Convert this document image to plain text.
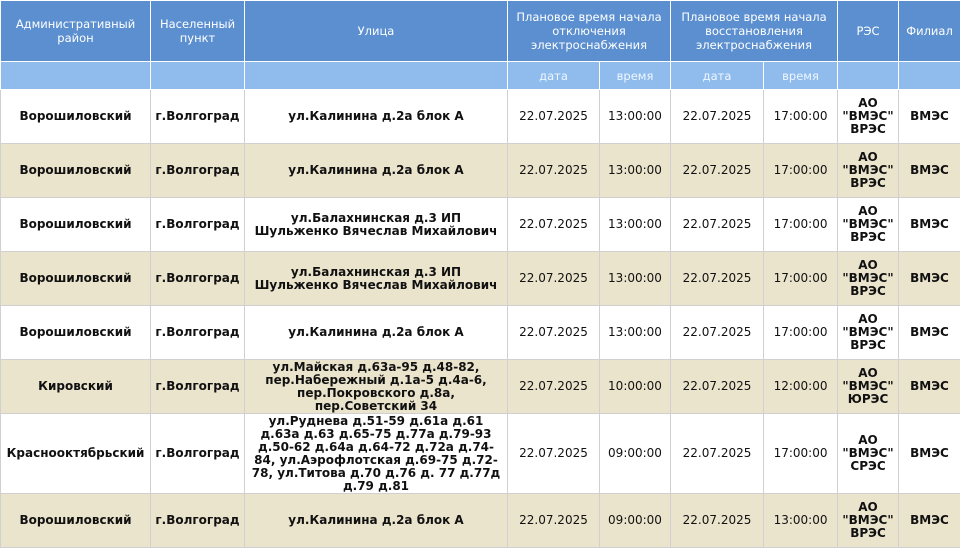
Административный район	Населенный пункт	Улица	Плановое время начала отключения электроснабжения		Плановое время начала восстановления электроснабжения		РЭС	Филиал
			дата	время	дата	время		
Ворошиловский	г.Волгоград	ул.Калинина д.2а блок А	22.07.2025	13:00:00	22.07.2025	17:00:00	АО "ВМЭС" ВРЭС	ВМЭС
Ворошиловский	г.Волгоград	ул.Калинина д.2а блок А	22.07.2025	13:00:00	22.07.2025	17:00:00	АО "ВМЭС" ВРЭС	ВМЭС
Ворошиловский	г.Волгоград	ул.Балахнинская д.3 ИП Шульженко Вячеслав Михайлович	22.07.2025	13:00:00	22.07.2025	17:00:00	АО "ВМЭС" ВРЭС	ВМЭС
Ворошиловский	г.Волгоград	ул.Балахнинская д.3 ИП Шульженко Вячеслав Михайлович	22.07.2025	13:00:00	22.07.2025	17:00:00	АО "ВМЭС" ВРЭС	ВМЭС
Ворошиловский	г.Волгоград	ул.Калинина д.2а блок А	22.07.2025	13:00:00	22.07.2025	17:00:00	АО "ВМЭС" ВРЭС	ВМЭС
Кировский	г.Волгоград	ул.Майская д.63а-95 д.48-82, пер.Набережный д.1а-5 д.4а-6, пер.Покровского д.8а, пер.Советский 34	22.07.2025	10:00:00	22.07.2025	12:00:00	АО "ВМЭС" ЮРЭС	ВМЭС
Краснооктябрьский	г.Волгоград	ул.Руднева д.51-59 д.61а д.61 д.63а д.63 д.65-75 д.77а д.79-93 д.50-62 д.64а д.64-72 д.72а д.74-84, ул.Аэрофлотская д.69-75 д.72-78, ул.Титова д.70 д.76 д. 77 д.77д д.79 д.81	22.07.2025	09:00:00	22.07.2025	17:00:00	АО "ВМЭС" СРЭС	ВМЭС
Ворошиловский	г.Волгоград	ул.Калинина д.2а блок А	22.07.2025	09:00:00	22.07.2025	13:00:00	АО "ВМЭС" ВРЭС	ВМЭС
